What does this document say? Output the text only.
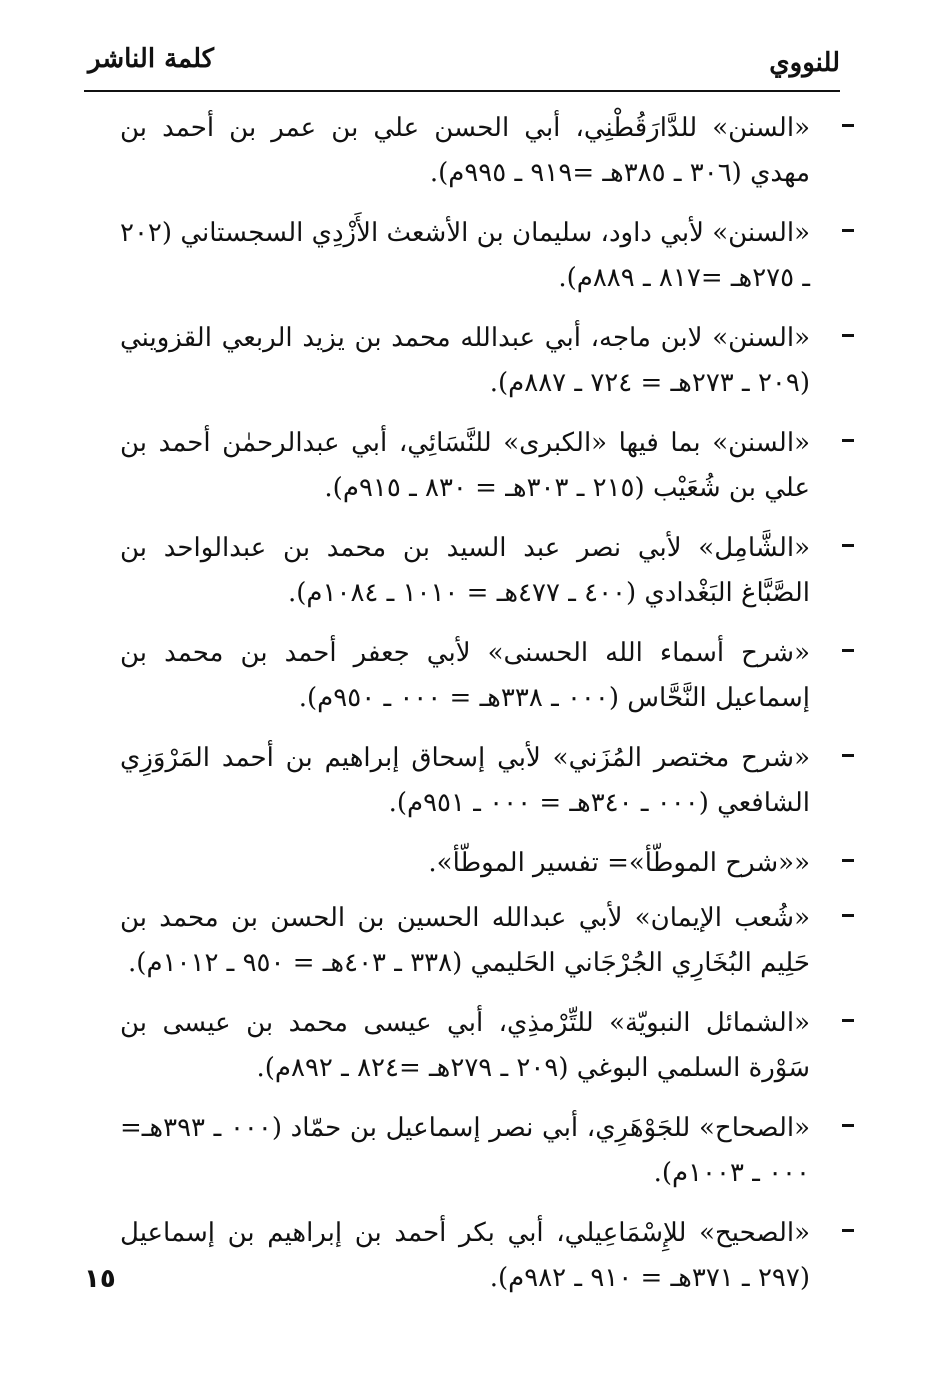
للنووي
كلمة الناشر
«السنن» للدَّارَقُطْنِي، أبي الحسن علي بن عمر بن أحمد بن مهدي (٣٠٦ ـ ٣٨٥هـ =٩١٩ ـ ٩٩٥م).
«السنن» لأبي داود، سليمان بن الأشعث الأَزْدِي السجستاني (٢٠٢ ـ ٢٧٥هـ =٨١٧ ـ ٨٨٩م).
«السنن» لابن ماجه، أبي عبدالله محمد بن يزيد الربعي القزويني (٢٠٩ ـ ٢٧٣هـ = ٧٢٤ ـ ٨٨٧م).
«السنن» بما فيها «الكبرى» للنَّسَائِي، أبي عبدالرحمٰن أحمد بن علي بن شُعَيْب (٢١٥ ـ ٣٠٣هـ = ٨٣٠ ـ ٩١٥م).
«الشَّامِل» لأبي نصر عبد السيد بن محمد بن عبدالواحد بن الصَّبَّاغ البَغْدادي (٤٠٠ ـ ٤٧٧هـ = ١٠١٠ ـ ١٠٨٤م).
«شرح أسماء الله الحسنى» لأبي جعفر أحمد بن محمد بن إسماعيل النَّحَّاس (٠٠٠ ـ ٣٣٨هـ = ٠٠٠ ـ ٩٥٠م).
«شرح مختصر المُزَني» لأبي إسحاق إبراهيم بن أحمد المَرْوَزِي الشافعي (٠٠٠ ـ ٣٤٠هـ = ٠٠٠ ـ ٩٥١م).
««شرح الموطّأ»= تفسير الموطّأ».
«شُعب الإيمان» لأبي عبدالله الحسين بن الحسن بن محمد بن حَلِيم البُخَارِي الجُرْجَاني الحَليمي (٣٣٨ ـ ٤٠٣هـ = ٩٥٠ ـ ١٠١٢م).
«الشمائل النبويّة» للتِّرْمذِي، أبي عيسى محمد بن عيسى بن سَوْرة السلمي البوغي (٢٠٩ ـ ٢٧٩هـ =٨٢٤ ـ ٨٩٢م).
«الصحاح» للجَوْهَرِي، أبي نصر إسماعيل بن حمّاد (٠٠٠ ـ ٣٩٣هـ= ٠٠٠ ـ ١٠٠٣م).
«الصحيح» للإِسْمَاعِيلي، أبي بكر أحمد بن إبراهيم بن إسماعيل (٢٩٧ ـ ٣٧١هـ = ٩١٠ ـ ٩٨٢م).
١٥
